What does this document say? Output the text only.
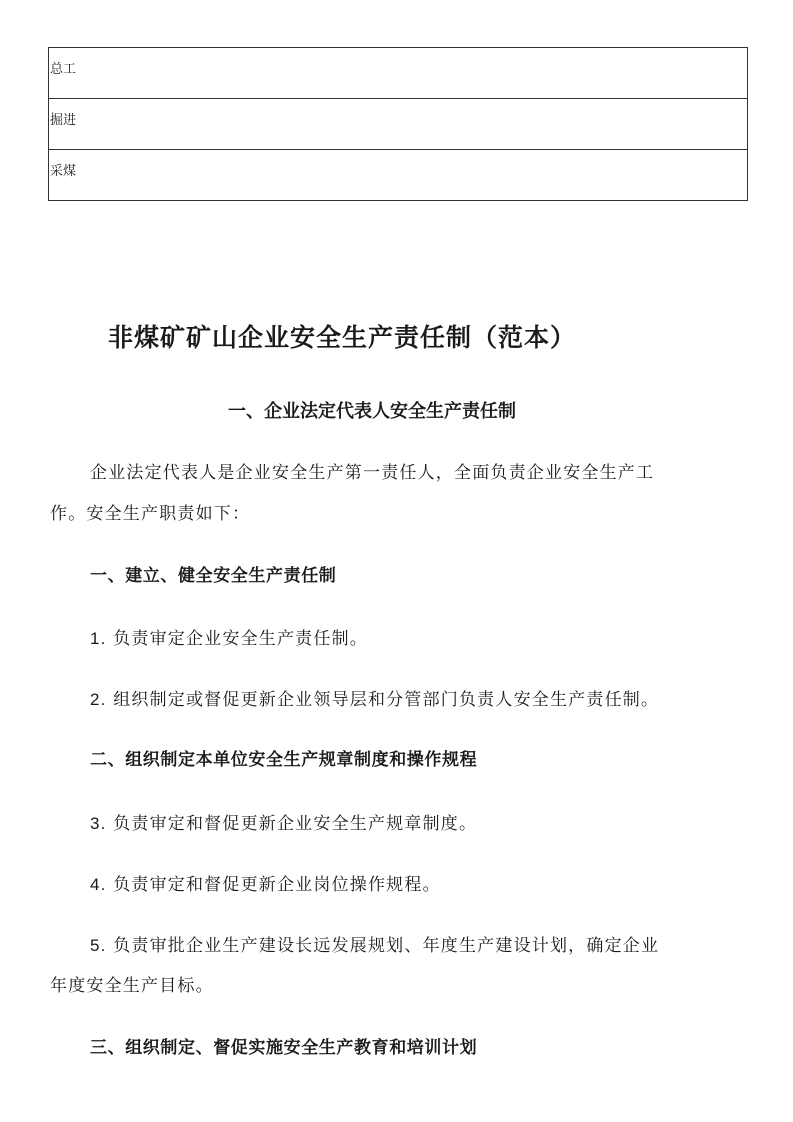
总工
掘进
采煤
非煤矿矿山企业安全生产责任制（范本）
一、企业法定代表人安全生产责任制

企业法定代表人是企业安全生产第一责任人，全面负责企业安全生产工

作。安全生产职责如下：

一、建立、健全安全生产责任制

1. 负责审定企业安全生产责任制。

2. 组织制定或督促更新企业领导层和分管部门负责人安全生产责任制。

二、组织制定本单位安全生产规章制度和操作规程

3. 负责审定和督促更新企业安全生产规章制度。

4. 负责审定和督促更新企业岗位操作规程。

5. 负责审批企业生产建设长远发展规划、年度生产建设计划，确定企业

年度安全生产目标。

三、组织制定、督促实施安全生产教育和培训计划
